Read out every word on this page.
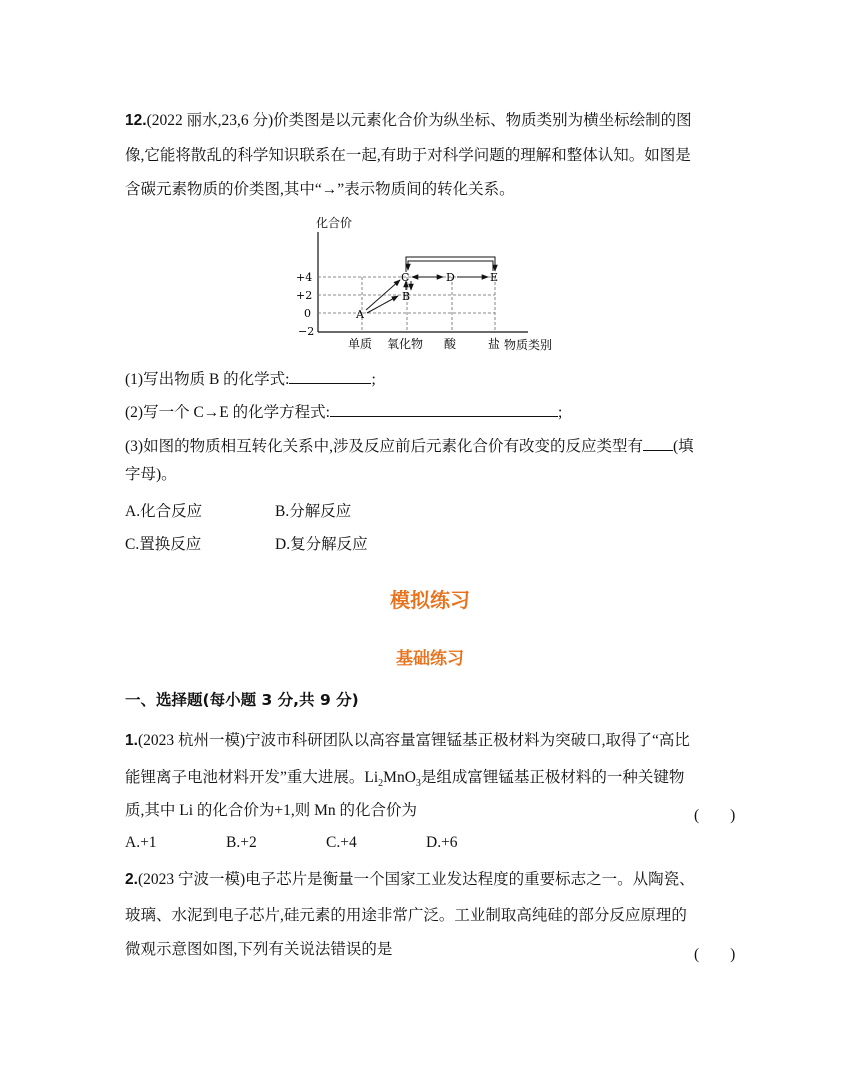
12.(2022 丽水,23,6 分)价类图是以元素化合价为纵坐标、物质类别为横坐标绘制的图
像,它能将散乱的科学知识联系在一起,有助于对科学问题的理解和整体认知。如图是
含碳元素物质的价类图,其中“→”表示物质间的转化关系。
化合价
+4
+2
0
−2
单质 氧化物 酸	盐 物质类别
A
B
C	D	E
(1)写出物质 B 的化学式:	;
(2)写一个 C→E 的化学方程式:	;
(3)如图的物质相互转化关系中,涉及反应前后元素化合价有改变的反应类型有 (填
字母)。
A.化合反应	B.分解反应
C.置换反应	D.复分解反应
模拟练习
基础练习
一、选择题(每小题 3 分,共 9 分)
1.(2023 杭州一模)宁波市科研团队以高容量富锂锰基正极材料为突破口,取得了“高比
能锂离子电池材料开发”重大进展。$Li_2MnO_3$是组成富锂锰基正极材料的一种关键物
质,其中 Li 的化合价为+1,则 Mn 的化合价为	(　　)
A.+1	B.+2	C.+4	D.+6
2.(2023 宁波一模)电子芯片是衡量一个国家工业发达程度的重要标志之一。从陶瓷、
玻璃、水泥到电子芯片,硅元素的用途非常广泛。工业制取高纯硅的部分反应原理的
微观示意图如图,下列有关说法错误的是	(　　)
